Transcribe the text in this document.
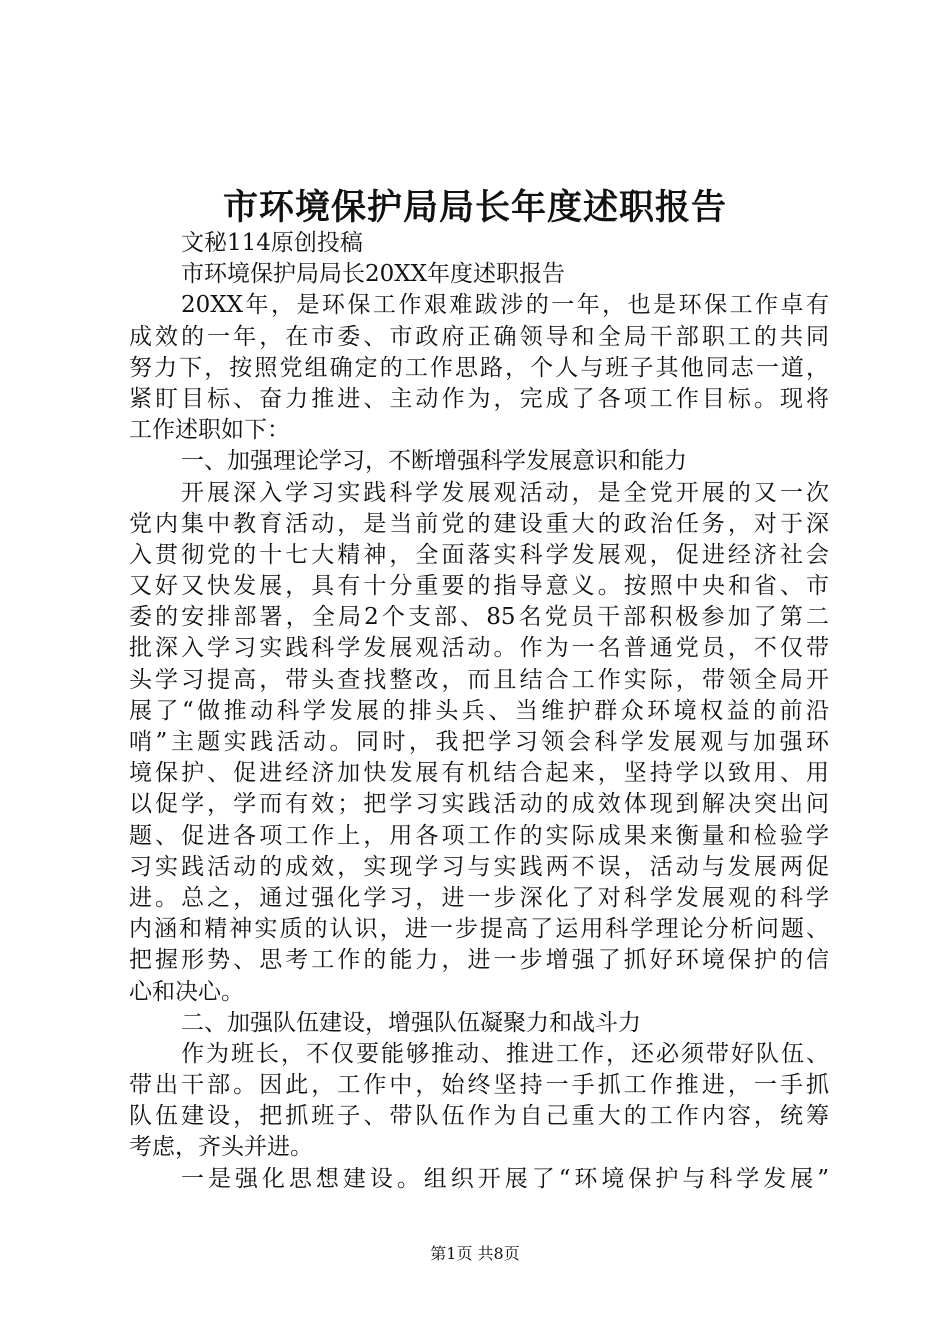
市环境保护局局长年度述职报告
文秘114原创投稿
市环境保护局局长20XX年度述职报告
20XX年，是环保工作艰难跋涉的一年，也是环保工作卓有
成效的一年，在市委、市政府正确领导和全局干部职工的共同
努力下，按照党组确定的工作思路，个人与班子其他同志一道，
紧盯目标、奋力推进、主动作为，完成了各项工作目标。现将
工作述职如下：
一、加强理论学习，不断增强科学发展意识和能力
开展深入学习实践科学发展观活动，是全党开展的又一次
党内集中教育活动，是当前党的建设重大的政治任务，对于深
入贯彻党的十七大精神，全面落实科学发展观，促进经济社会
又好又快发展，具有十分重要的指导意义。按照中央和省、市
委的安排部署，全局2个支部、85名党员干部积极参加了第二
批深入学习实践科学发展观活动。作为一名普通党员，不仅带
头学习提高，带头查找整改，而且结合工作实际，带领全局开
展了“做推动科学发展的排头兵、当维护群众环境权益的前沿
哨”主题实践活动。同时，我把学习领会科学发展观与加强环
境保护、促进经济加快发展有机结合起来，坚持学以致用、用
以促学，学而有效；把学习实践活动的成效体现到解决突出问
题、促进各项工作上，用各项工作的实际成果来衡量和检验学
习实践活动的成效，实现学习与实践两不误，活动与发展两促
进。总之，通过强化学习，进一步深化了对科学发展观的科学
内涵和精神实质的认识，进一步提高了运用科学理论分析问题、
把握形势、思考工作的能力，进一步增强了抓好环境保护的信
心和决心。
二、加强队伍建设，增强队伍凝聚力和战斗力
作为班长，不仅要能够推动、推进工作，还必须带好队伍、
带出干部。因此，工作中，始终坚持一手抓工作推进，一手抓
队伍建设，把抓班子、带队伍作为自己重大的工作内容，统筹
考虑，齐头并进。
一是强化思想建设。组织开展了“环境保护与科学发展”

第1页 共8页
